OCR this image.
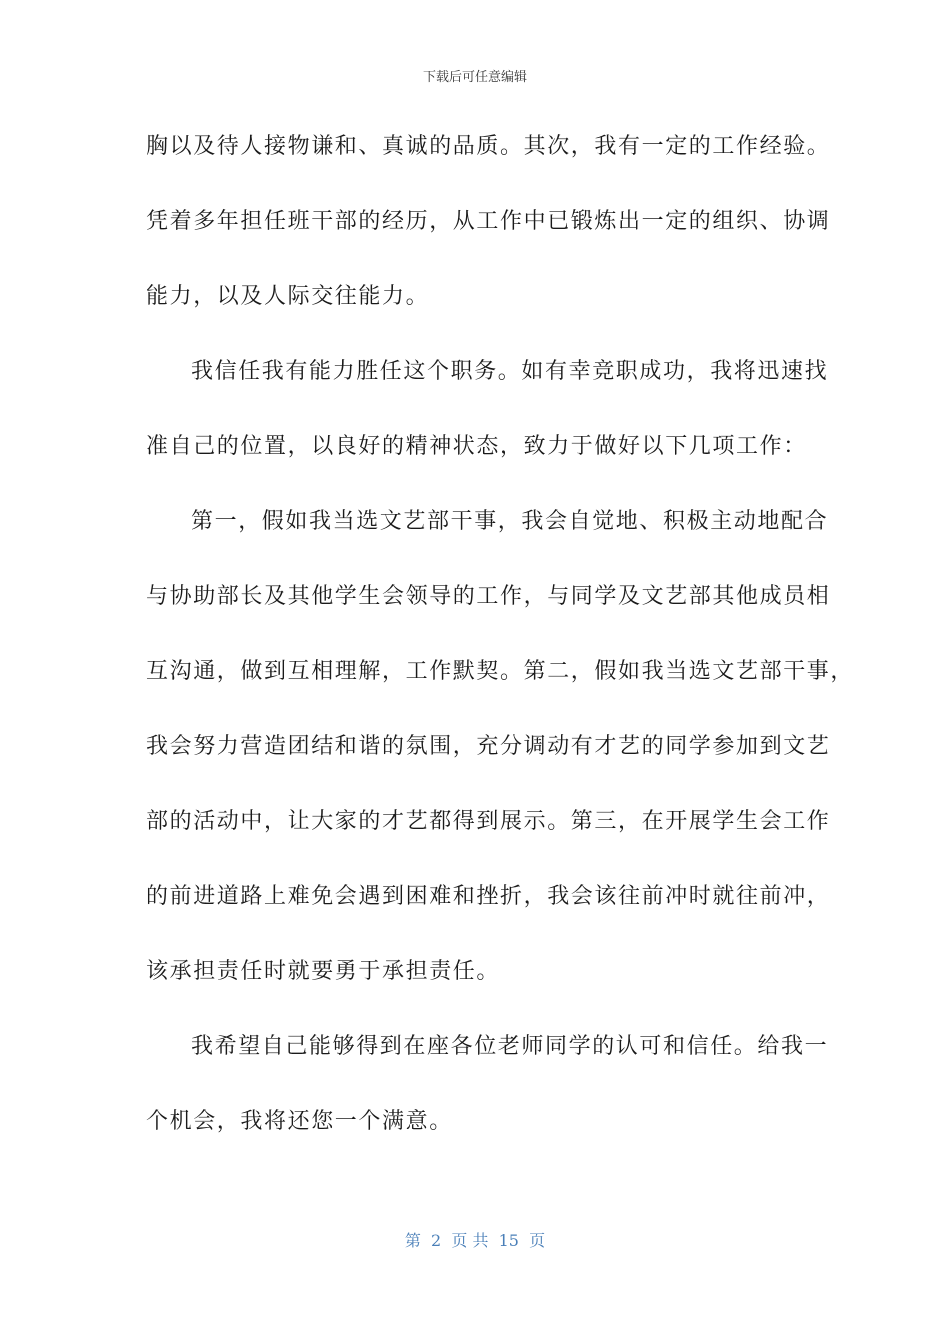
下载后可任意编辑
胸以及待人接物谦和、真诚的品质。其次，我有一定的工作经验。
凭着多年担任班干部的经历，从工作中已锻炼出一定的组织、协调
能力，以及人际交往能力。
我信任我有能力胜任这个职务。如有幸竞职成功，我将迅速找
准自己的位置，以良好的精神状态，致力于做好以下几项工作：
第一，假如我当选文艺部干事，我会自觉地、积极主动地配合
与协助部长及其他学生会领导的工作，与同学及文艺部其他成员相
互沟通，做到互相理解，工作默契。第二，假如我当选文艺部干事，
我会努力营造团结和谐的氛围，充分调动有才艺的同学参加到文艺
部的活动中，让大家的才艺都得到展示。第三，在开展学生会工作
的前进道路上难免会遇到困难和挫折，我会该往前冲时就往前冲，
该承担责任时就要勇于承担责任。
我希望自己能够得到在座各位老师同学的认可和信任。给我一
个机会，我将还您一个满意。
第  2  页 共  15  页
